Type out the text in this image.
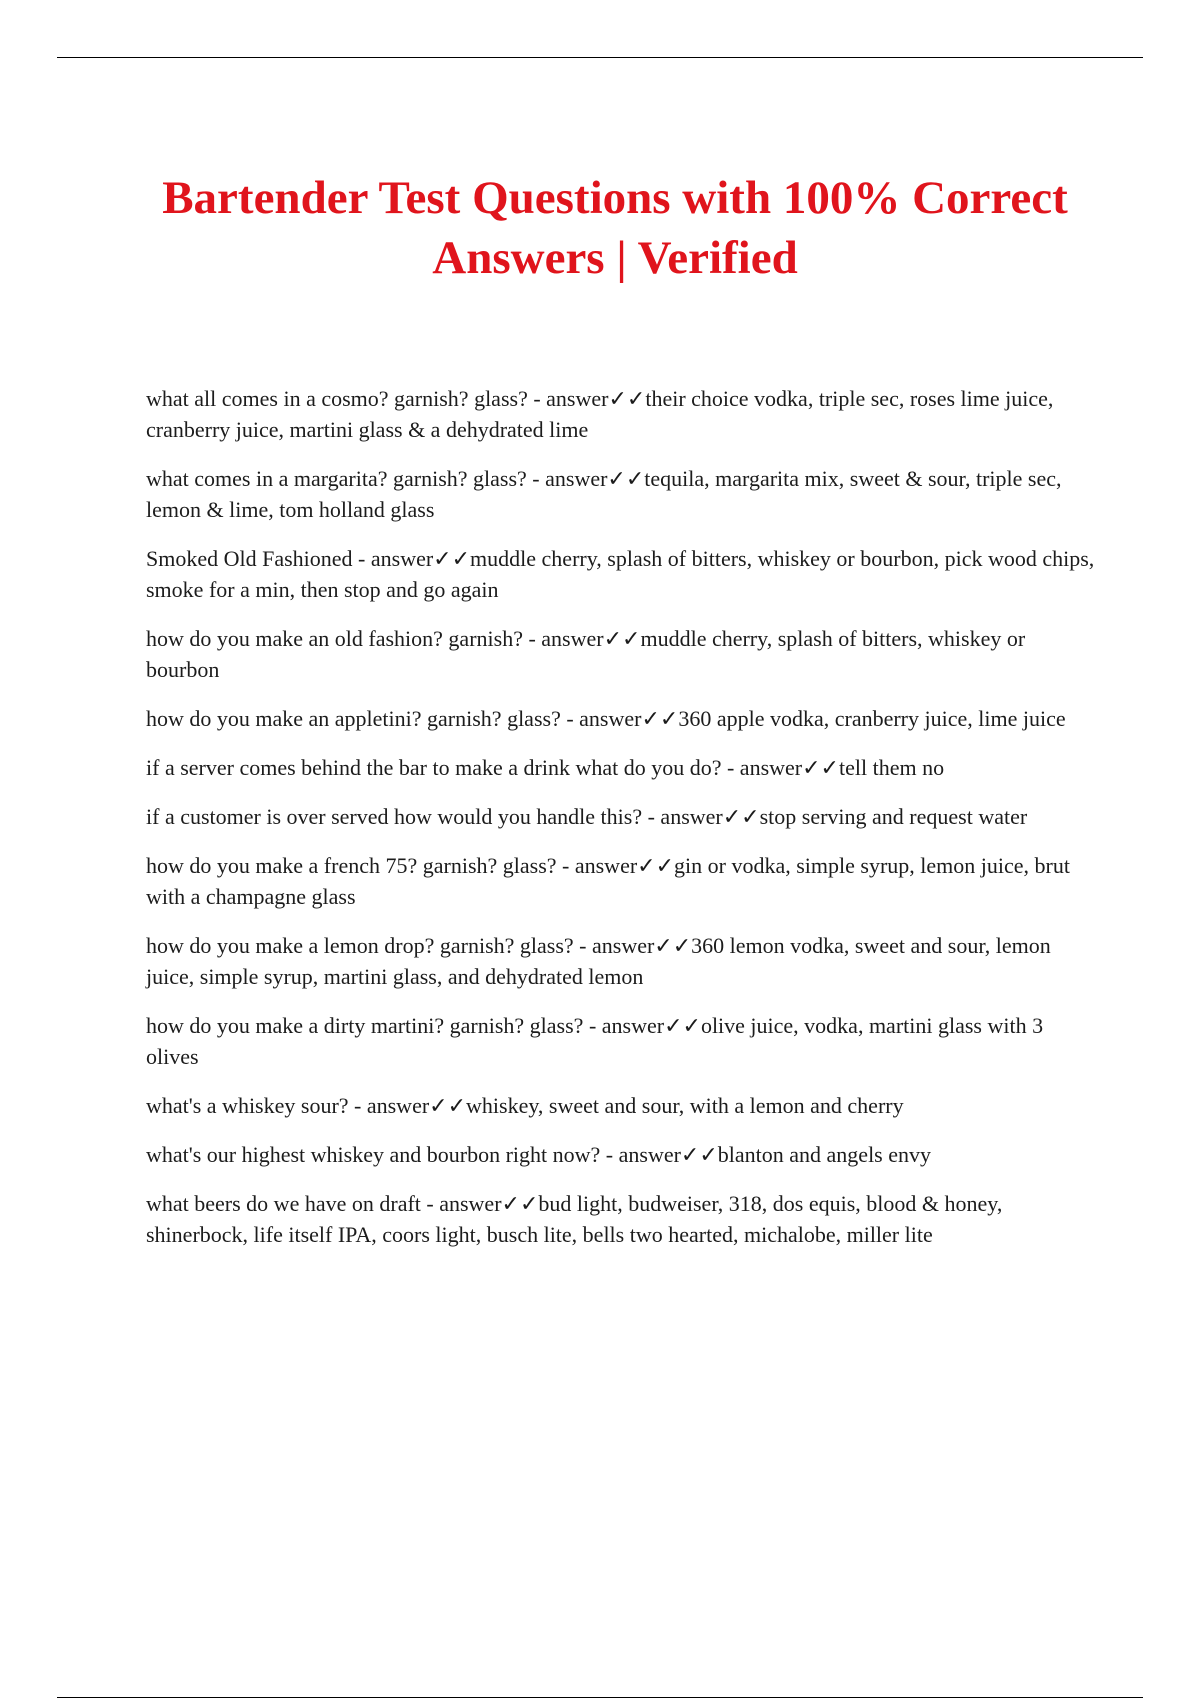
Bartender Test Questions with 100% Correct Answers | Verified
what all comes in a cosmo? garnish? glass? - answer✓✓their choice vodka, triple sec, roses lime juice, cranberry juice, martini glass & a dehydrated lime
what comes in a margarita? garnish? glass? - answer✓✓tequila, margarita mix, sweet & sour, triple sec, lemon & lime, tom holland glass
Smoked Old Fashioned - answer✓✓muddle cherry, splash of bitters, whiskey or bourbon, pick wood chips, smoke for a min, then stop and go again
how do you make an old fashion? garnish? - answer✓✓muddle cherry, splash of bitters, whiskey or bourbon
how do you make an appletini? garnish? glass? - answer✓✓360 apple vodka, cranberry juice, lime juice
if a server comes behind the bar to make a drink what do you do? - answer✓✓tell them no
if a customer is over served how would you handle this? - answer✓✓stop serving and request water
how do you make a french 75? garnish? glass? - answer✓✓gin or vodka, simple syrup, lemon juice, brut with a champagne glass
how do you make a lemon drop? garnish? glass? - answer✓✓360 lemon vodka, sweet and sour, lemon juice, simple syrup, martini glass, and dehydrated lemon
how do you make a dirty martini? garnish? glass? - answer✓✓olive juice, vodka, martini glass with 3 olives
what's a whiskey sour? - answer✓✓whiskey, sweet and sour, with a lemon and cherry
what's our highest whiskey and bourbon right now? - answer✓✓blanton and angels envy
what beers do we have on draft - answer✓✓bud light, budweiser, 318, dos equis, blood & honey, shinerbock, life itself IPA, coors light, busch lite, bells two hearted, michalobe, miller lite
